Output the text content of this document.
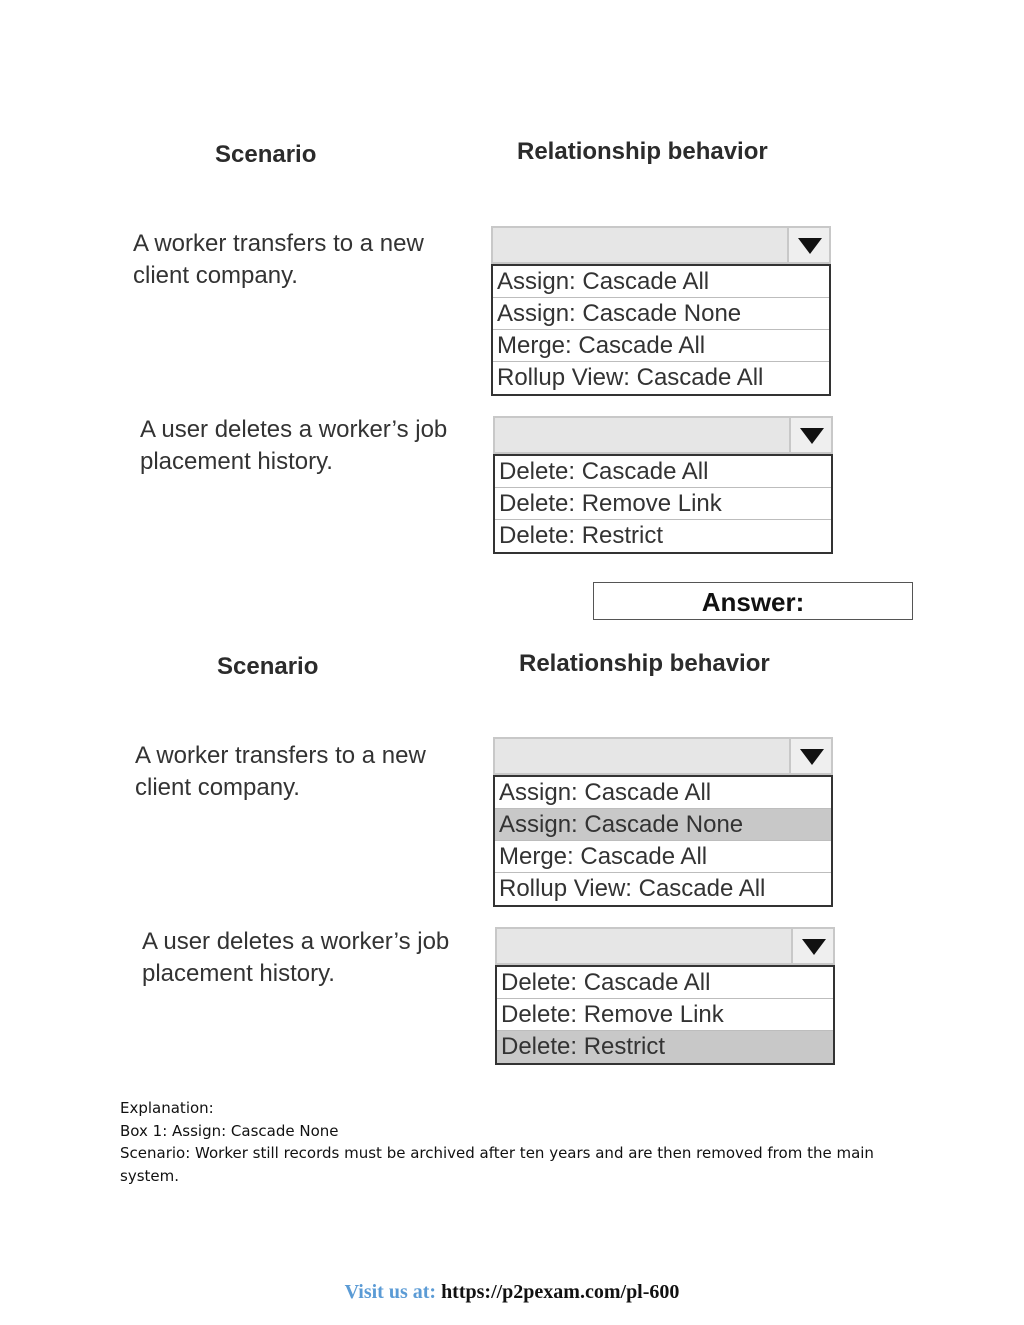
Scenario	Relationship behavior
A worker transfers to a new client company.	Assign: Cascade All
Assign: Cascade None
Merge: Cascade All
Rollup View: Cascade All
A user deletes a worker’s job placement history.	Delete: Cascade All
Delete: Remove Link
Delete: Restrict
Answer:
Scenario	Relationship behavior
A worker transfers to a new client company.	Assign: Cascade All
Assign: Cascade None
Merge: Cascade All
Rollup View: Cascade All
A user deletes a worker’s job placement history.	Delete: Cascade All
Delete: Remove Link
Delete: Restrict
Explanation:
Box 1: Assign: Cascade None
Scenario: Worker still records must be archived after ten years and are then removed from the main system.
Visit us at: https://p2pexam.com/pl-600
